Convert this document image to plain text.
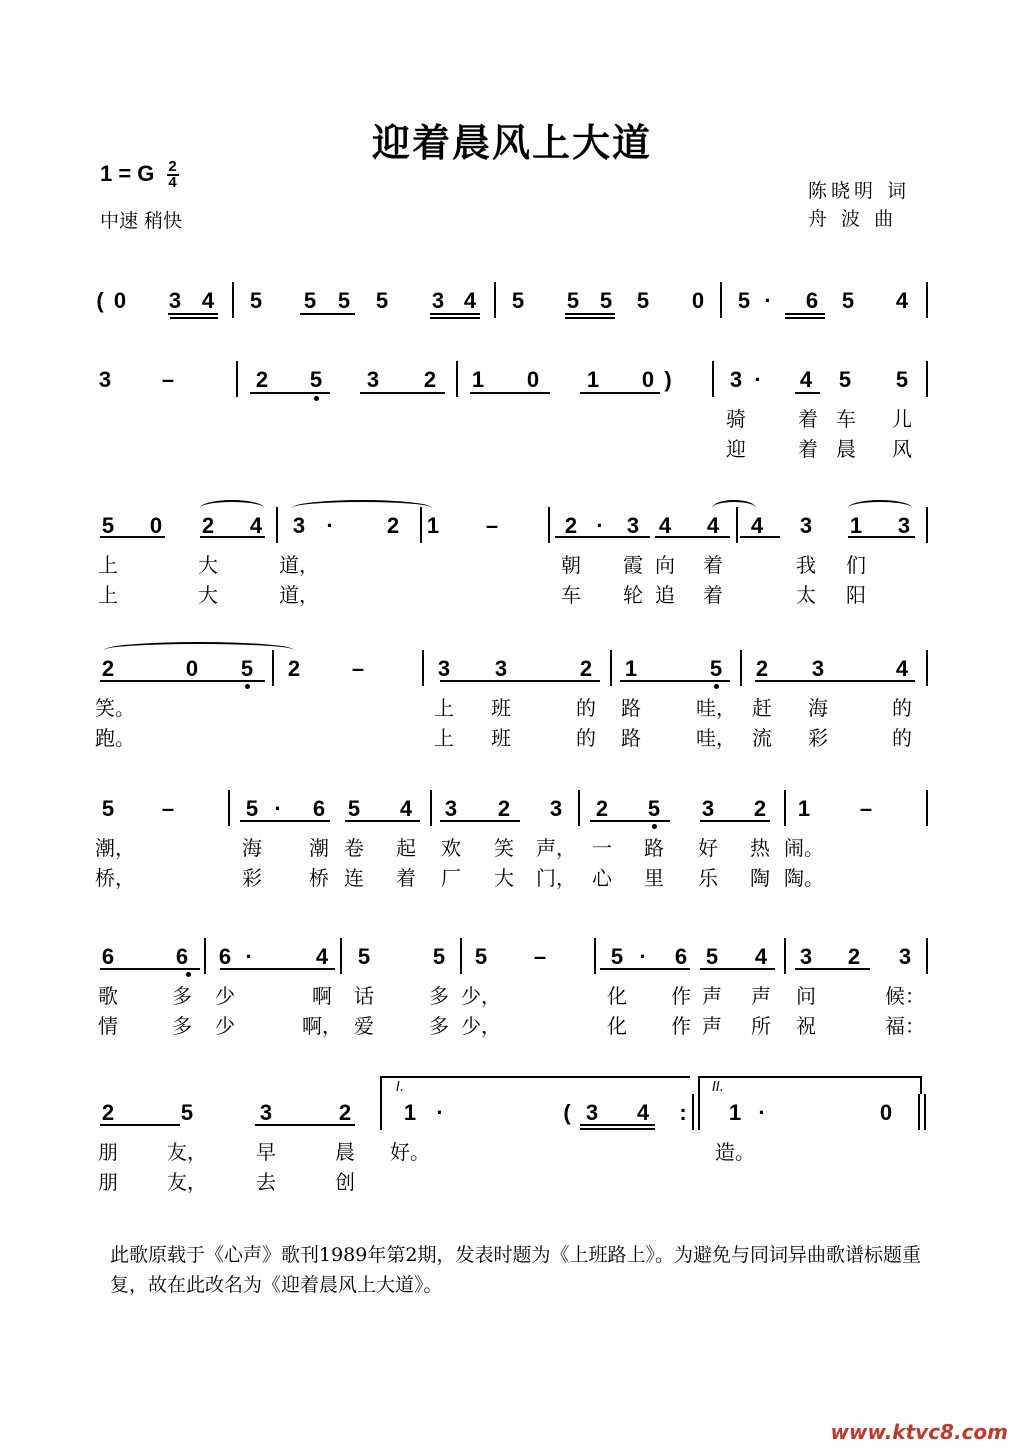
迎着晨风上大道
1 = G $\frac{2}{4}$
中速 稍快
陈晓明 词
舟 波 曲
( 0 3 4 5 5 5 5 3 4 5 5 5 5 0 5 · 6 5 4
3 –	2 5 3 2 1 0 1 0 )	3 · 4 5 5
骑	着 车 儿
迎	着 晨 风
5 0 2 4 3 · 2 1 –	2 · 3 4 4 4 3 1 3
上	大	道，	朝 霞 向 着	我 们
上	大	道，	车 轮 追 着	太 阳
2	0 5 2 –	3 3	2 1	5 2 3	4
笑。	上 班	的 路	哇， 赶 海	的
跑。	上 班	的 路	哇， 流 彩	的
5 –	5 · 6 5 4 3 2 3 2 5 3 2 1 –
潮，	海 潮 卷 起 欢 笑 声， 一 路 好 热 闹。
桥，	彩 桥 连 着 厂 大 门， 心 里 乐 陶 陶。
6	6 6 ·	4 5	5 5 –	5 · 6 5 4 3 2 3
歌	多 少	啊 话	多 少，	化 作 声 声 问	候：
情	多 少	啊， 爱	多 少，	化 作 声 所 祝	福：
2	5	3	2 1 ·	( 3 4 : 1 ·	0
朋 友， 早	晨 好。	造。
朋 友， 去	创
I.	II.
此歌原载于《心声》歌刊1989年第2期，发表时题为《上班路上》。为避免与同词异曲歌谱标题重复，故在此改名为《迎着晨风上大道》。
www.ktvc8.com
